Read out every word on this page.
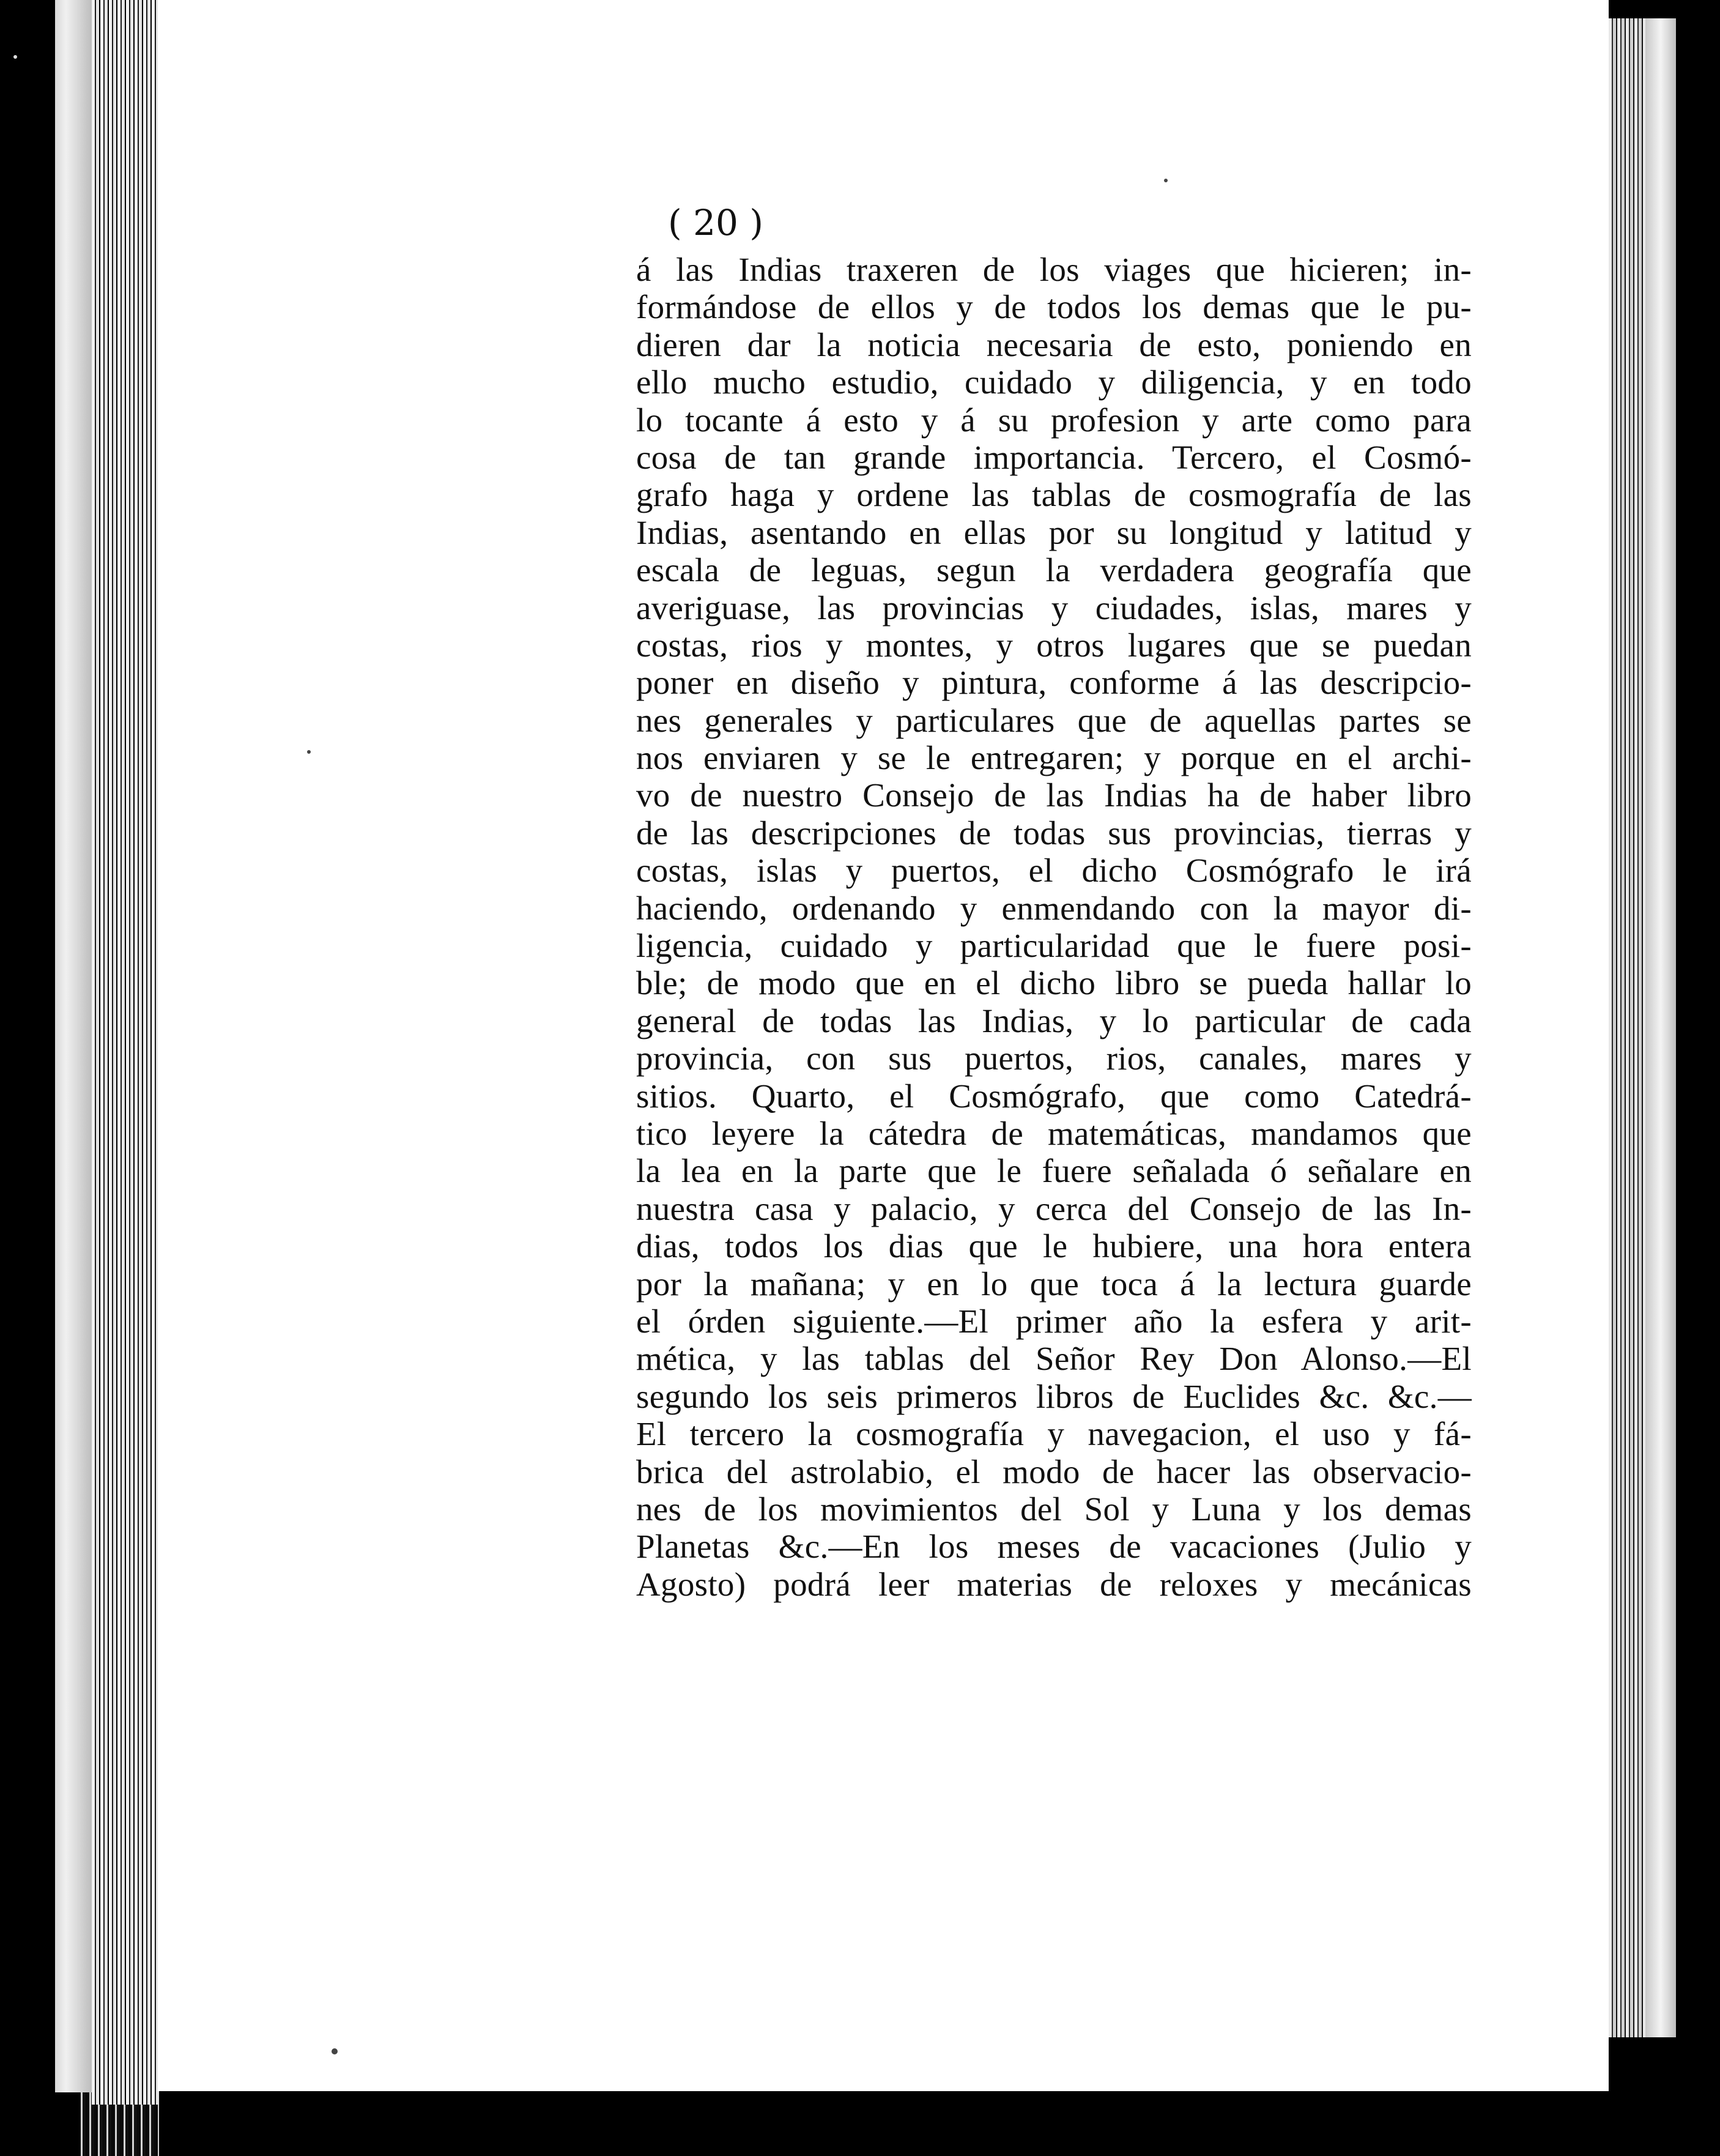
( 20 )
á las Indias traxeren de los viages que hicieren; in-
formándose de ellos y de todos los demas que le pu-
dieren dar la noticia necesaria de esto, poniendo en
ello mucho estudio, cuidado y diligencia, y en todo
lo tocante á esto y á su profesion y arte como para
cosa de tan grande importancia. Tercero, el Cosmó-
grafo haga y ordene las tablas de cosmografía de las
Indias, asentando en ellas por su longitud y latitud y
escala de leguas, segun la verdadera geografía que
averiguase, las provincias y ciudades, islas, mares y
costas, rios y montes, y otros lugares que se puedan
poner en diseño y pintura, conforme á las descripcio-
nes generales y particulares que de aquellas partes se
nos enviaren y se le entregaren; y porque en el archi-
vo de nuestro Consejo de las Indias ha de haber libro
de las descripciones de todas sus provincias, tierras y
costas, islas y puertos, el dicho Cosmógrafo le irá
haciendo, ordenando y enmendando con la mayor di-
ligencia, cuidado y particularidad que le fuere posi-
ble; de modo que en el dicho libro se pueda hallar lo
general de todas las Indias, y lo particular de cada
provincia, con sus puertos, rios, canales, mares y
sitios. Quarto, el Cosmógrafo, que como Catedrá-
tico leyere la cátedra de matemáticas, mandamos que
la lea en la parte que le fuere señalada ó señalare en
nuestra casa y palacio, y cerca del Consejo de las In-
dias, todos los dias que le hubiere, una hora entera
por la mañana; y en lo que toca á la lectura guarde
el órden siguiente.—El primer año la esfera y arit-
mética, y las tablas del Señor Rey Don Alonso.—El
segundo los seis primeros libros de Euclides &c. &c.—
El tercero la cosmografía y navegacion, el uso y fá-
brica del astrolabio, el modo de hacer las observacio-
nes de los movimientos del Sol y Luna y los demas
Planetas &c.—En los meses de vacaciones (Julio y
Agosto) podrá leer materias de reloxes y mecánicas
